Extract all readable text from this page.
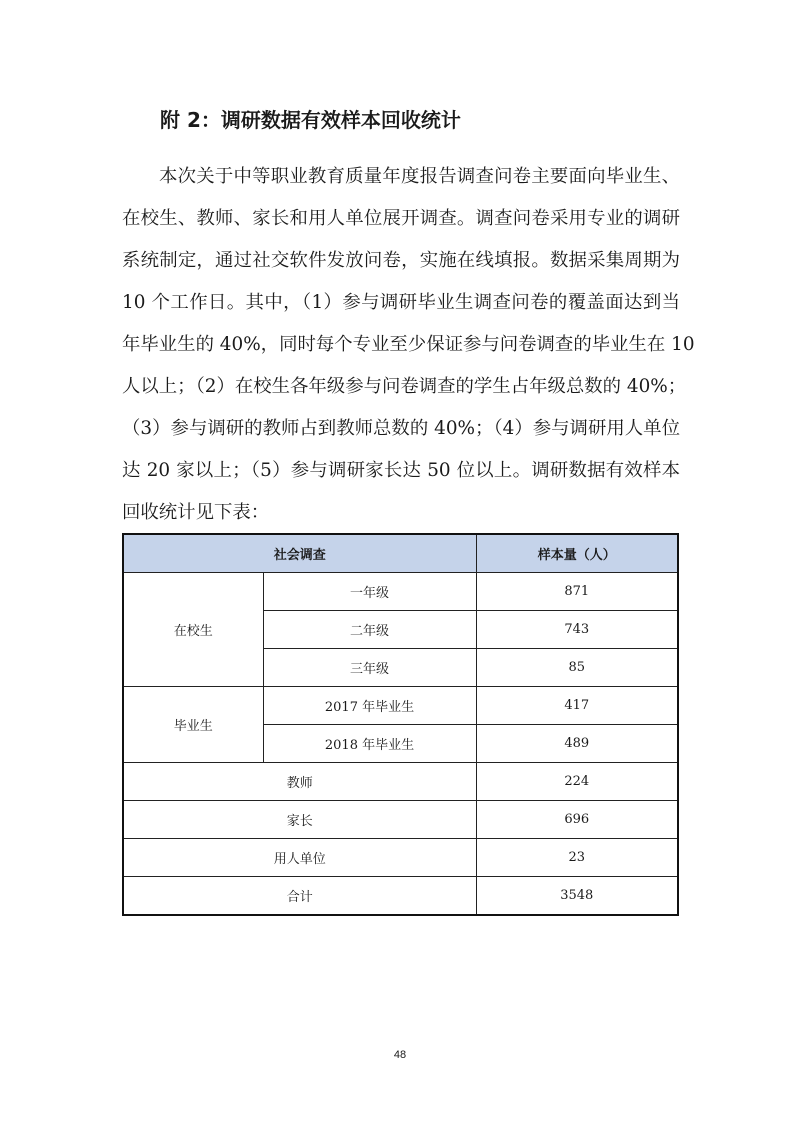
附 2：调研数据有效样本回收统计
本次关于中等职业教育质量年度报告调查问卷主要面向毕业生、
在校生、教师、家长和用人单位展开调查。调查问卷采用专业的调研
系统制定，通过社交软件发放问卷，实施在线填报。数据采集周期为
10 个工作日。其中，（1）参与调研毕业生调查问卷的覆盖面达到当
年毕业生的 40%，同时每个专业至少保证参与问卷调查的毕业生在 10
人以上；（2）在校生各年级参与问卷调查的学生占年级总数的 40%；
（3）参与调研的教师占到教师总数的 40%；（4）参与调研用人单位
达 20 家以上；（5）参与调研家长达 50 位以上。调研数据有效样本
回收统计见下表：
社会调查		样本量（人）
在校生	一年级	871
	二年级	743
	三年级	85
毕业生	2017 年毕业生	417
	2018 年毕业生	489
教师		224
家长		696
用人单位		23
合计		3548
48
